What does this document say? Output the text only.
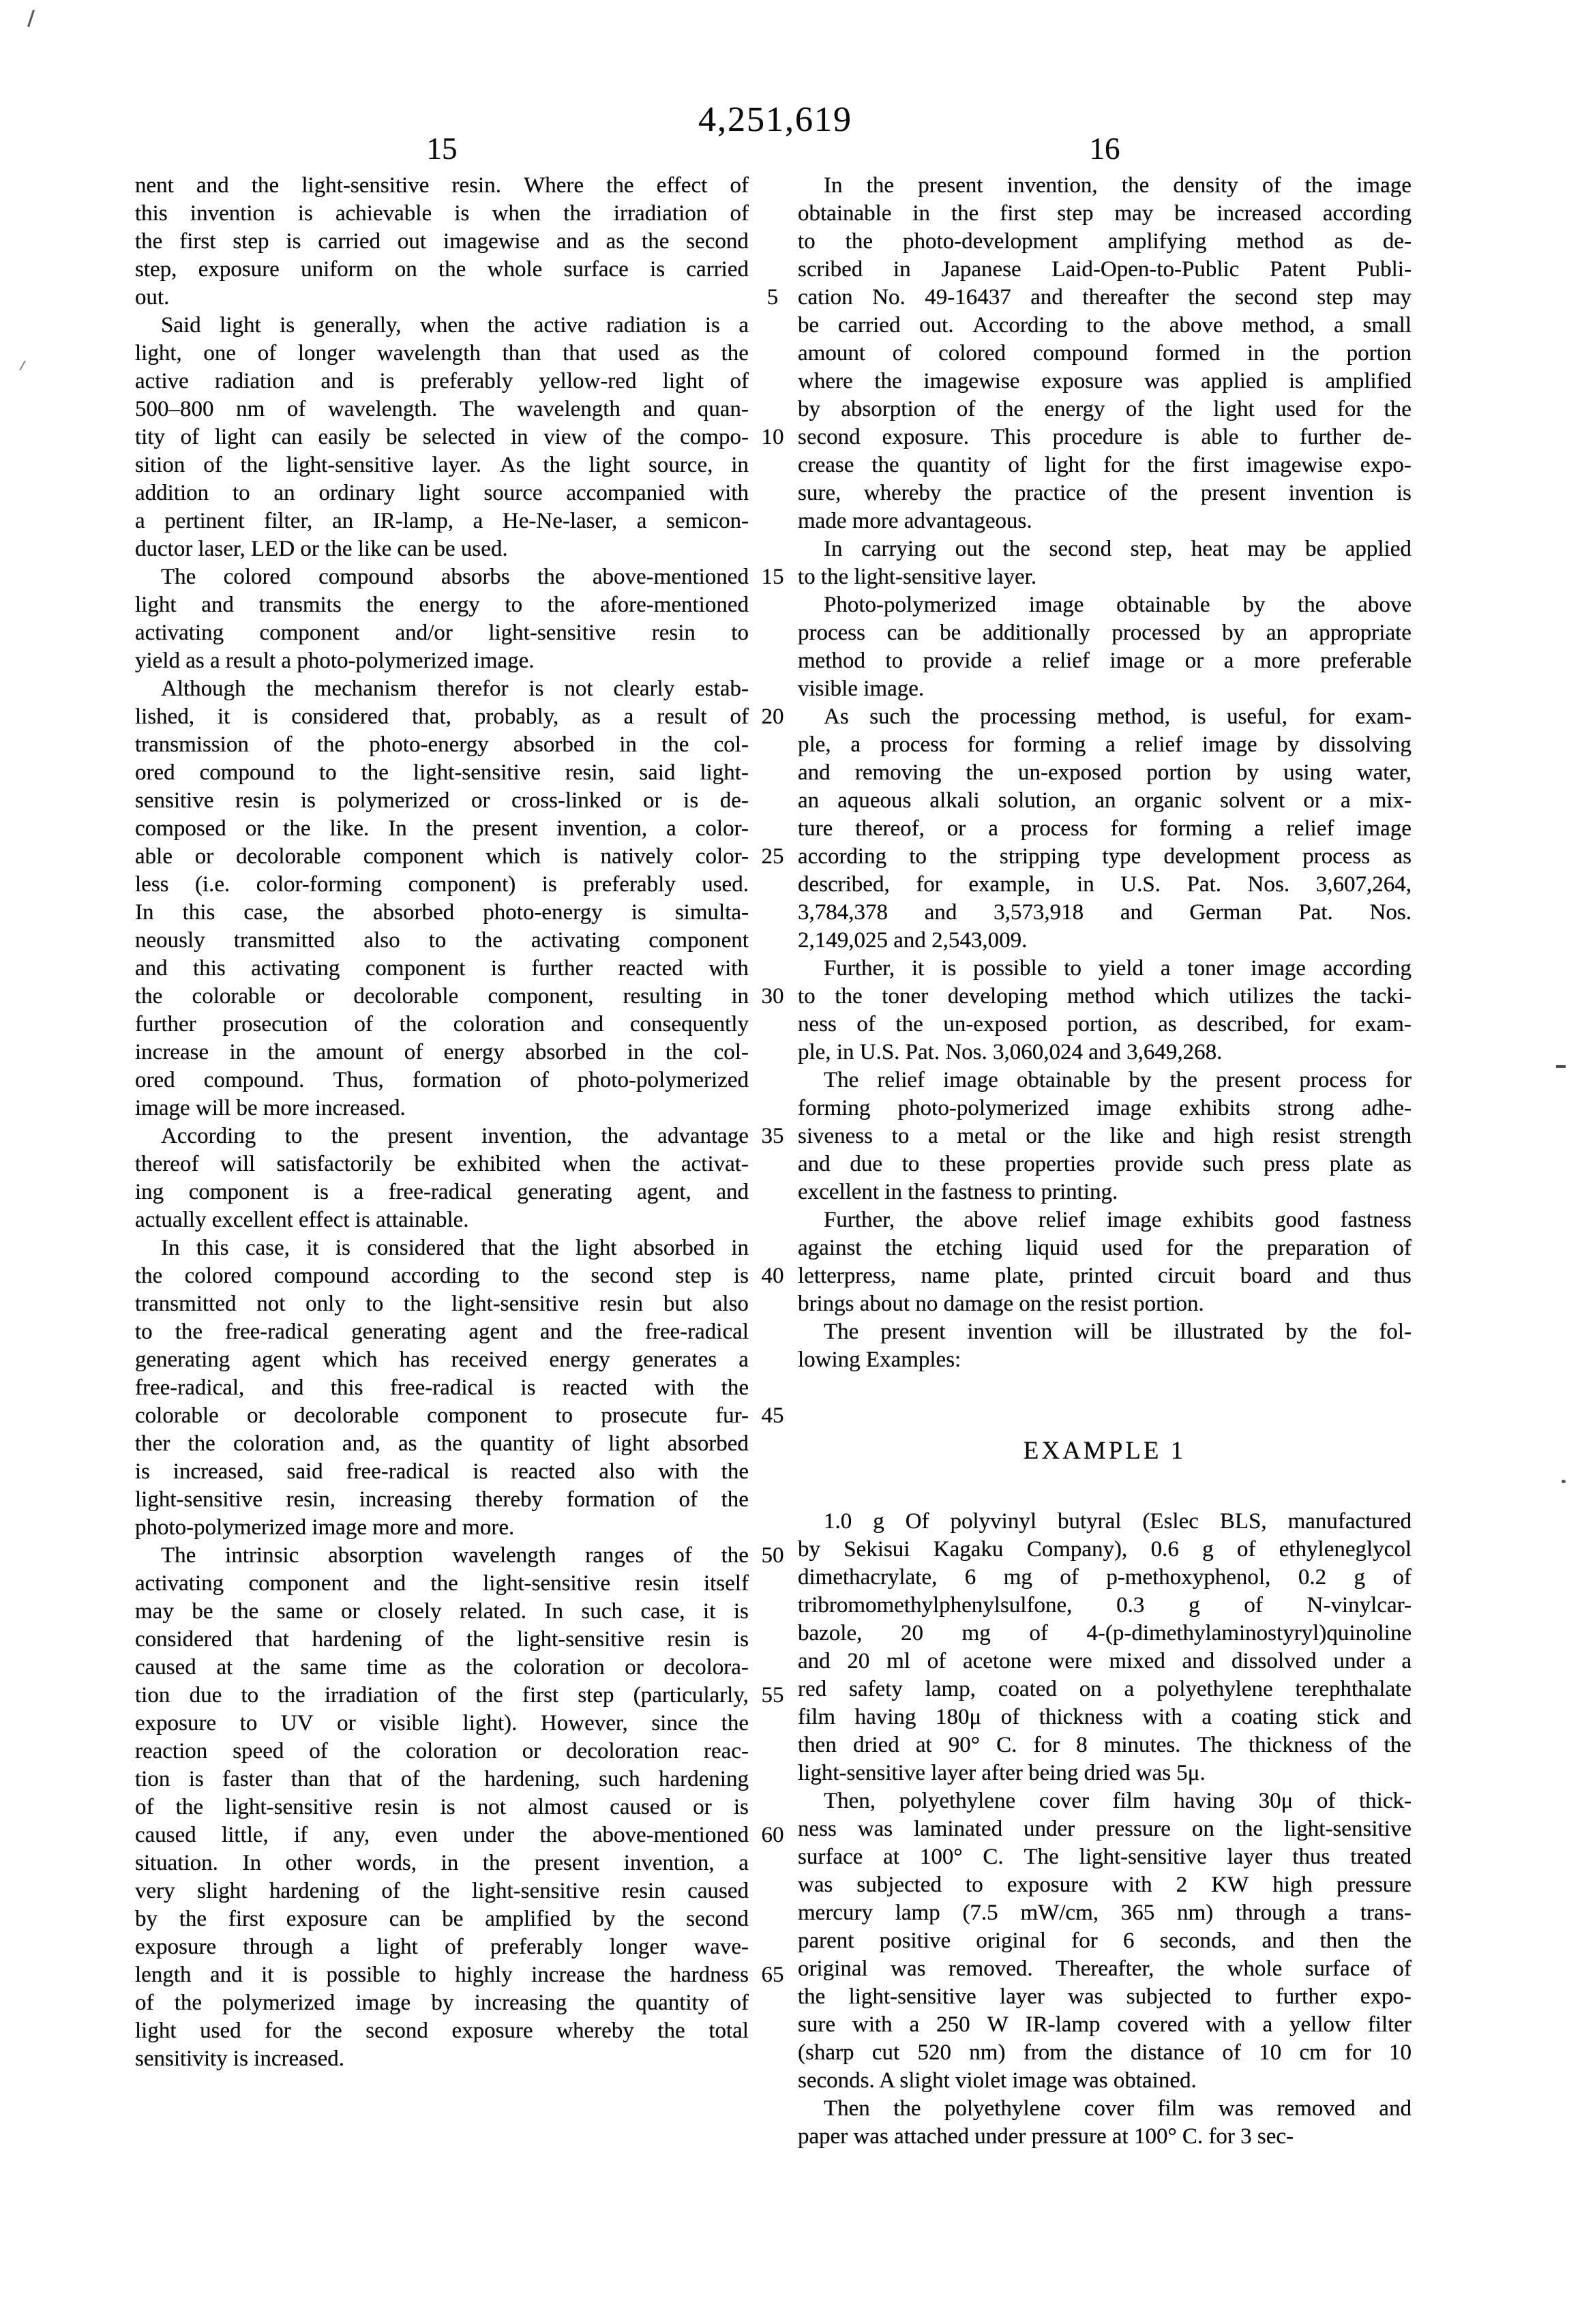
4,251,619
15	16
nent and the light-sensitive resin. Where the effect of
this invention is achievable is when the irradiation of
the first step is carried out imagewise and as the second
step, exposure uniform on the whole surface is carried
out.
Said light is generally, when the active radiation is a
light, one of longer wavelength than that used as the
active radiation and is preferably yellow-red light of
500–800 nm of wavelength. The wavelength and quan-
tity of light can easily be selected in view of the compo-
sition of the light-sensitive layer. As the light source, in
addition to an ordinary light source accompanied with
a pertinent filter, an IR-lamp, a He-Ne-laser, a semicon-
ductor laser, LED or the like can be used.
The colored compound absorbs the above-mentioned
light and transmits the energy to the afore-mentioned
activating component and/or light-sensitive resin to
yield as a result a photo-polymerized image.
Although the mechanism therefor is not clearly estab-
lished, it is considered that, probably, as a result of
transmission of the photo-energy absorbed in the col-
ored compound to the light-sensitive resin, said light-
sensitive resin is polymerized or cross-linked or is de-
composed or the like. In the present invention, a color-
able or decolorable component which is natively color-
less (i.e. color-forming component) is preferably used.
In this case, the absorbed photo-energy is simulta-
neously transmitted also to the activating component
and this activating component is further reacted with
the colorable or decolorable component, resulting in
further prosecution of the coloration and consequently
increase in the amount of energy absorbed in the col-
ored compound. Thus, formation of photo-polymerized
image will be more increased.
According to the present invention, the advantage
thereof will satisfactorily be exhibited when the activat-
ing component is a free-radical generating agent, and
actually excellent effect is attainable.
In this case, it is considered that the light absorbed in
the colored compound according to the second step is
transmitted not only to the light-sensitive resin but also
to the free-radical generating agent and the free-radical
generating agent which has received energy generates a
free-radical, and this free-radical is reacted with the
colorable or decolorable component to prosecute fur-
ther the coloration and, as the quantity of light absorbed
is increased, said free-radical is reacted also with the
light-sensitive resin, increasing thereby formation of the
photo-polymerized image more and more.
The intrinsic absorption wavelength ranges of the
activating component and the light-sensitive resin itself
may be the same or closely related. In such case, it is
considered that hardening of the light-sensitive resin is
caused at the same time as the coloration or decolora-
tion due to the irradiation of the first step (particularly,
exposure to UV or visible light). However, since the
reaction speed of the coloration or decoloration reac-
tion is faster than that of the hardening, such hardening
of the light-sensitive resin is not almost caused or is
caused little, if any, even under the above-mentioned
situation. In other words, in the present invention, a
very slight hardening of the light-sensitive resin caused
by the first exposure can be amplified by the second
exposure through a light of preferably longer wave-
length and it is possible to highly increase the hardness
of the polymerized image by increasing the quantity of
light used for the second exposure whereby the total
sensitivity is increased.
In the present invention, the density of the image
obtainable in the first step may be increased according
to the photo-development amplifying method as de-
scribed in Japanese Laid-Open-to-Public Patent Publi-
cation No. 49-16437 and thereafter the second step may
be carried out. According to the above method, a small
amount of colored compound formed in the portion
where the imagewise exposure was applied is amplified
by absorption of the energy of the light used for the
second exposure. This procedure is able to further de-
crease the quantity of light for the first imagewise expo-
sure, whereby the practice of the present invention is
made more advantageous.
In carrying out the second step, heat may be applied
to the light-sensitive layer.
Photo-polymerized image obtainable by the above
process can be additionally processed by an appropriate
method to provide a relief image or a more preferable
visible image.
As such the processing method, is useful, for exam-
ple, a process for forming a relief image by dissolving
and removing the un-exposed portion by using water,
an aqueous alkali solution, an organic solvent or a mix-
ture thereof, or a process for forming a relief image
according to the stripping type development process as
described, for example, in U.S. Pat. Nos. 3,607,264,
3,784,378 and 3,573,918 and German Pat. Nos.
2,149,025 and 2,543,009.
Further, it is possible to yield a toner image according
to the toner developing method which utilizes the tacki-
ness of the un-exposed portion, as described, for exam-
ple, in U.S. Pat. Nos. 3,060,024 and 3,649,268.
The relief image obtainable by the present process for
forming photo-polymerized image exhibits strong adhe-
siveness to a metal or the like and high resist strength
and due to these properties provide such press plate as
excellent in the fastness to printing.
Further, the above relief image exhibits good fastness
against the etching liquid used for the preparation of
letterpress, name plate, printed circuit board and thus
brings about no damage on the resist portion.
The present invention will be illustrated by the fol-
lowing Examples:
EXAMPLE 1
1.0 g Of polyvinyl butyral (Eslec BLS, manufactured
by Sekisui Kagaku Company), 0.6 g of ethyleneglycol
dimethacrylate, 6 mg of p-methoxyphenol, 0.2 g of
tribromomethylphenylsulfone, 0.3 g of N-vinylcar-
bazole, 20 mg of 4-(p-dimethylaminostyryl)quinoline
and 20 ml of acetone were mixed and dissolved under a
red safety lamp, coated on a polyethylene terephthalate
film having 180μ of thickness with a coating stick and
then dried at 90° C. for 8 minutes. The thickness of the
light-sensitive layer after being dried was 5μ.
Then, polyethylene cover film having 30μ of thick-
ness was laminated under pressure on the light-sensitive
surface at 100° C. The light-sensitive layer thus treated
was subjected to exposure with 2 KW high pressure
mercury lamp (7.5 mW/cm, 365 nm) through a trans-
parent positive original for 6 seconds, and then the
original was removed. Thereafter, the whole surface of
the light-sensitive layer was subjected to further expo-
sure with a 250 W IR-lamp covered with a yellow filter
(sharp cut 520 nm) from the distance of 10 cm for 10
seconds. A slight violet image was obtained.
Then the polyethylene cover film was removed and
paper was attached under pressure at 100° C. for 3 sec-
5
10
15
20
25
30
35
40
45
50
55
60
65
